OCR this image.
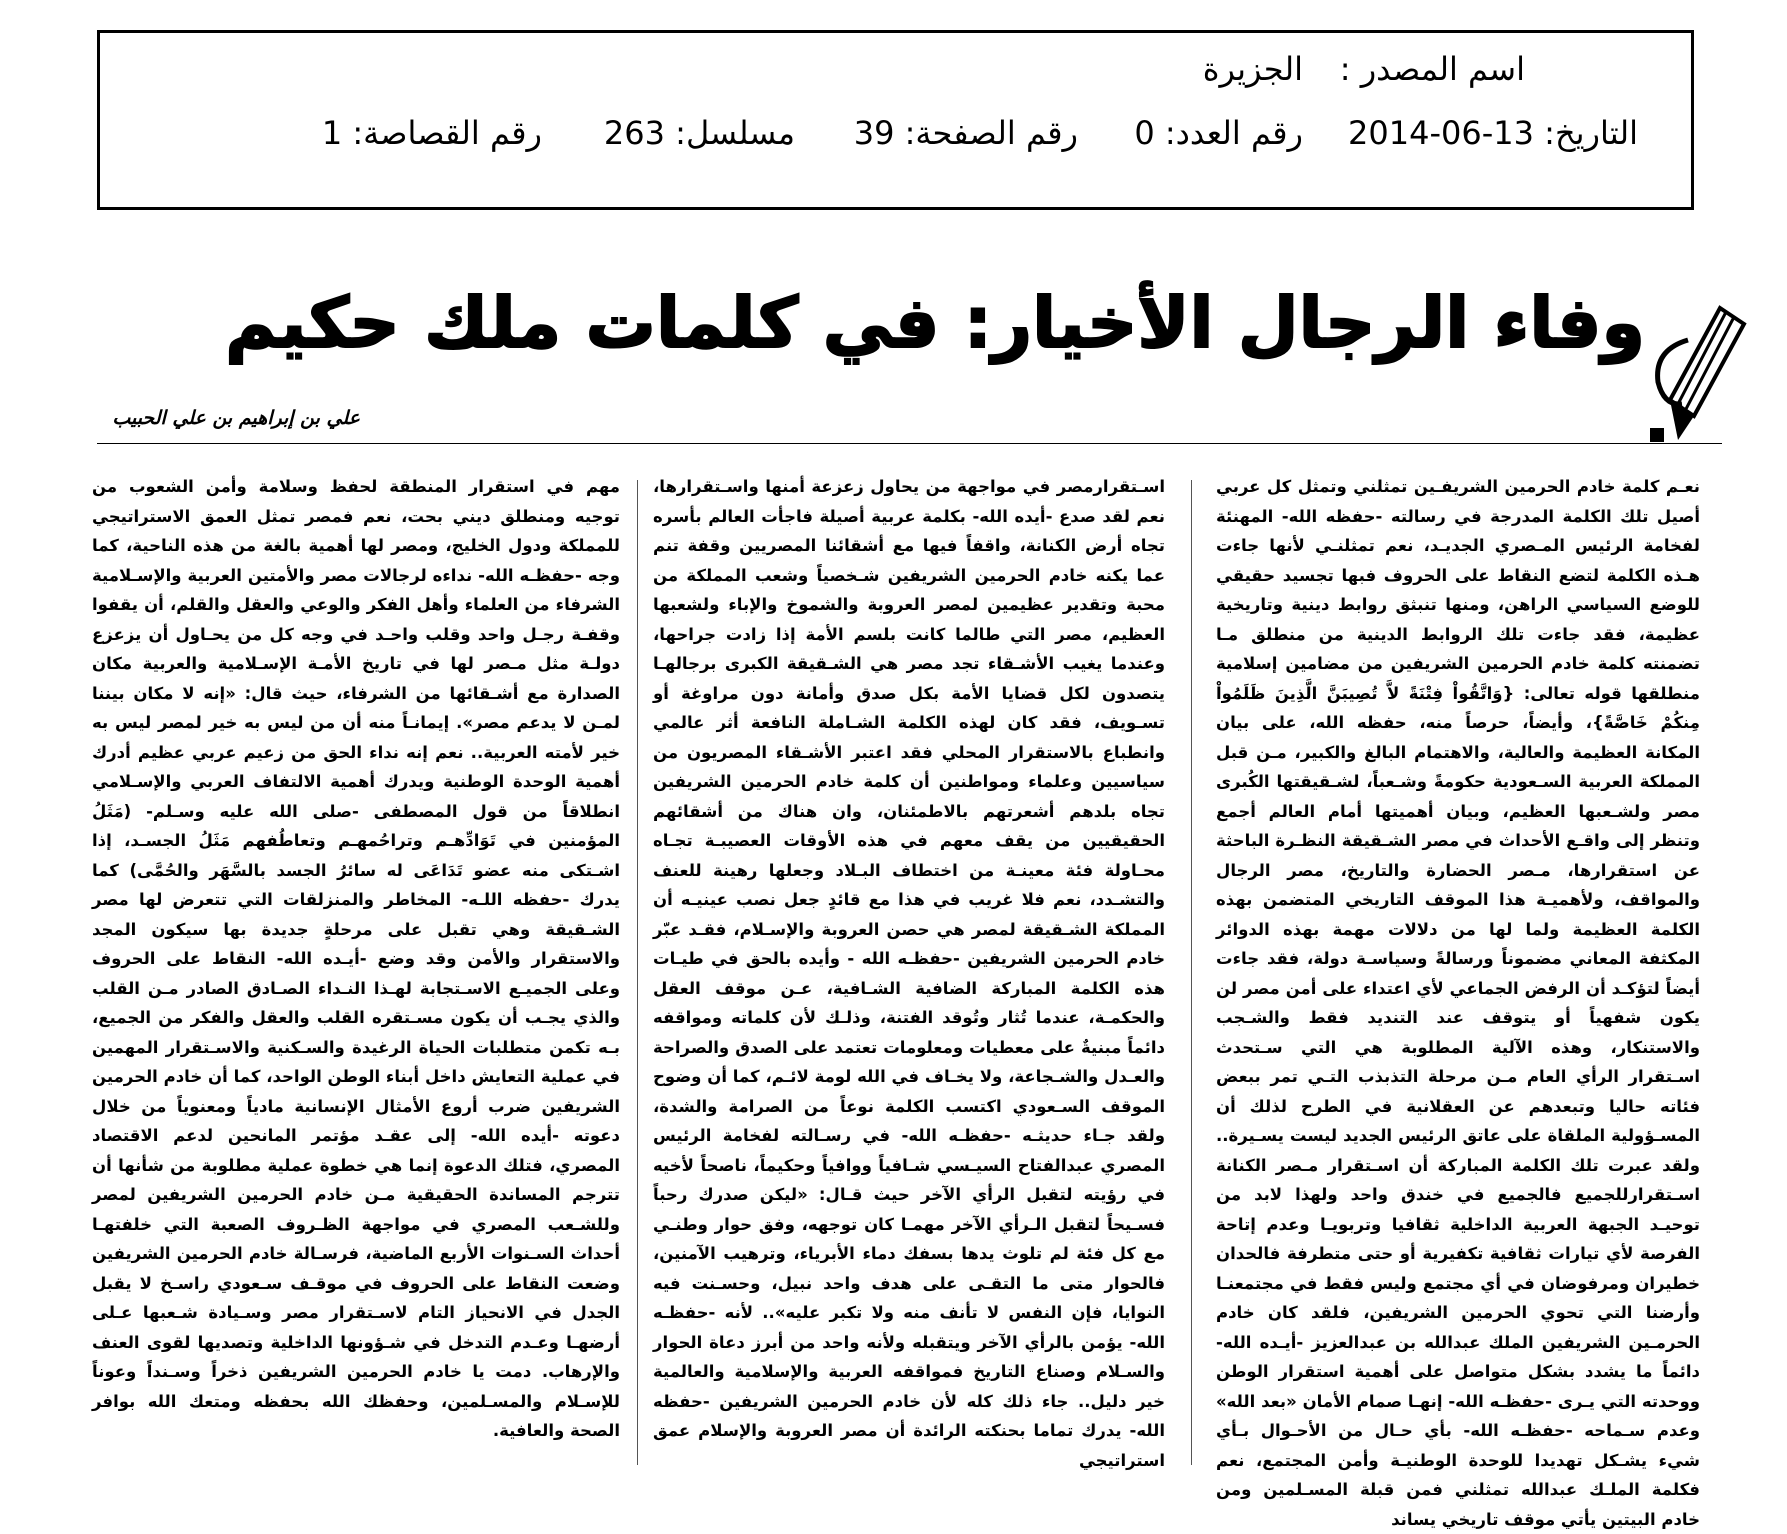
اسم المصدر :
الجزيرة
التاريخ: 13-06-2014
رقم العدد: 0
رقم الصفحة: 39
مسلسل: 263
رقم القصاصة: 1
وفاء الرجال الأخيار: في كلمات ملك حكيم
علي بن إبراهيم بن علي الحبيب
نعـم كلمة خادم الحرمين الشريفـين تمثلني وتمثل كل عربي أصيل تلك الكلمة المدرجة في رسالته -حفظه الله- المهنئة لفخامة الرئيس المـصري الجديـد، نعم تمثلنـي لأنها جاءت هـذه الكلمة لتضع النقاط على الحروف فبها تجسيد حقيقي للوضع السياسي الراهن، ومنها تنبثق روابط دينية وتاريخية عظيمة، فقد جاءت تلك الروابط الدينية من منطلق مـا تضمنته كلمة خادم الحرمين الشريفين من مضامين إسلامية منطلقها قوله تعالى: {وَاتَّقُواْ فِتْنَةً لاَّ تُصِيبَنَّ الَّذِينَ ظَلَمُواْ مِنكُمْ خَاصَّةً}، وأيضاً، حرصاً منه، حفظه الله، على بيان المكانة العظيمة والعالية، والاهتمام البالغ والكبير، مـن قبل المملكة العربية السـعودية حكومةً وشـعباً، لشـقيقتها الكُبرى مصر ولشـعبها العظيم، وبيان أهميتها أمام العالم أجمع وتنظر إلى واقـع الأحداث في مصر الشـقيقة النظـرة الباحثة عن استقرارها، مـصر الحضارة والتاريخ، مصر الرجال والمواقف، ولأهميـة هذا الموقف التاريخي المتضمن بهذه الكلمة العظيمة ولما لها من دلالات مهمة بهذه الدوائر المكثفة المعاني مضموناً ورسالةً وسياسـة دولة، فقد جاءت أيضاً لتؤكـد أن الرفض الجماعي لأي اعتداء على أمن مصر لن يكون شفهياً أو يتوقف عند التنديد فقط والشـجب والاستنكار، وهذه الآلية المطلوبة هي التي سـتحدث اسـتقرار الرأي العام مـن مرحلة التذبذب التـي تمر ببعض فئاته حاليا وتبعدهم عن العقلانية في الطرح لذلك أن المسـؤولية الملقاة على عاتق الرئيس الجديد ليست يسـيرة.. ولقد عبرت تلك الكلمة المباركة أن اسـتقرار مـصر الكنانة اسـتقرارللجميع فالجميع في خندق واحد ولهذا لابد من توحيـد الجبهة العربية الداخلية ثقافيا وتربويـا وعدم إتاحة الفرصة لأي تيارات ثقافية تكفيرية أو حتى متطرفة فالحدان خطيران ومرفوضان في أي مجتمع وليس فقط في مجتمعنـا وأرضنا التي تحوي الحرمين الشريفين، فلقد كان خادم الحرمـين الشريفين الملك عبدالله بن عبدالعزيز -أيـده الله- دائماً ما يشدد بشكل متواصل على أهمية استقرار الوطن ووحدته التي يـرى -حفظـه الله- إنهـا صمام الأمان «بعد الله» وعدم سـماحه -حفظـه الله- بأي حـال من الأحـوال بـأي شيء يشـكل تهديدا للوحدة الوطنيـة وأمن المجتمع، نعم فكلمة الملـك عبدالله تمثلني فمن قبلة المسـلمين ومن خادم البيتين يأتي موقف تاريخي يساند
اسـتقرارمصر في مواجهة من يحاول زعزعة أمنها واسـتقرارها، نعم لقد صدع -أيده الله- بكلمة عربية أصيلة فاجأت العالم بأسره تجاه أرض الكنانة، واقفاً فيها مع أشقائنا المصريين وقفة تنم عما يكنه خادم الحرمين الشريفين شـخصياً وشعب المملكة من محبة وتقدير عظيمين لمصر العروبة والشموخ والإباء ولشعبها العظيم، مصر التي طالما كانت بلسم الأمة إذا زادت جراحها، وعندما يغيب الأشـقاء تجد مصر هي الشـقيقة الكبرى برجالهـا يتصدون لكل قضايا الأمة بكل صدق وأمانة دون مراوغة أو تسـويف، فقد كان لهذه الكلمة الشـاملة النافعة أثر عالمي وانطباع بالاستقرار المحلي فقد اعتبر الأشـقاء المصريون من سياسيين وعلماء ومواطنين أن كلمة خادم الحرمين الشريفين تجاه بلدهم أشعرتهم بالاطمئنان، وان هناك من أشقائهم الحقيقيين من يقف معهم في هذه الأوقات العصيبـة تجـاه محـاولة فئة معينـة من اختطاف البـلاد وجعلها رهينة للعنف والتشـدد، نعم فلا غريب في هذا مع قائدٍ جعل نصب عينيـه أن المملكة الشـقيقة لمصر هي حصن العروبة والإسـلام، فقـد عبّر خادم الحرمين الشريفين -حفظـه الله - وأيده بالحق في طيـات هذه الكلمة المباركة الضافية الشـافية، عـن موقف العقل والحكمـة، عندما تُثار وتُوقد الفتنة، وذلـك لأن كلماته ومواقفه دائماً مبنيةٌ على معطيات ومعلومات تعتمد على الصدق والصراحة والعـدل والشـجاعة، ولا يخـاف في الله لومة لائـم، كما أن وضوح الموقف السـعودي اكتسب الكلمة نوعاً من الصرامة والشدة، ولقد جـاء حديثـه -حفظـه الله- في رسـالته لفخامة الرئيس المصري عبدالفتاح السيـسي شـافياً ووافياً وحكيماً، ناصحاً لأخيه في رؤيته لتقبل الرأي الآخر حيث قـال: «ليكن صدرك رحباً فسـيحاً لتقبل الـرأي الآخر مهمـا كان توجهه، وفق حوار وطنـي مع كل فئة لم تلوث يدها بسفك دماء الأبرياء، وترهيب الآمنين، فالحوار متى ما التقـى على هدف واحد نبيل، وحسـنت فيه النوايا، فإن النفس لا تأنف منه ولا تكبر عليه».. لأنه -حفظـه الله- يؤمن بالرأي الآخر ويتقبله ولأنه واحد من أبرز دعاة الحوار والسـلام وصناع التاريخ فمواقفه العربية والإسلامية والعالمية خير دليل.. جاء ذلك كله لأن خادم الحرمين الشريفين -حفظه الله- يدرك تماما بحنكته الرائدة أن مصر العروبة والإسلام عمق استراتيجي
مهم في استقرار المنطقة لحفظ وسلامة وأمن الشعوب من توجيه ومنطلق ديني بحت، نعم فمصر تمثل العمق الاستراتيجي للمملكة ودول الخليج، ومصر لها أهمية بالغة من هذه الناحية، كما وجه -حفظـه الله- نداءه لرجالات مصر والأمتين العربية والإسـلامية الشرفاء من العلماء وأهل الفكر والوعي والعقل والقلم، أن يقفوا وقفـة رجـل واحد وقلب واحـد في وجه كل من يحـاول أن يزعزع دولـة مثل مـصر لها في تاريخ الأمـة الإسـلامية والعربية مكان الصدارة مع أشـقائها من الشرفاء، حيث قال: «إنه لا مكان بيننا لمـن لا يدعم مصر». إيمانـاً منه أن من ليس به خير لمصر ليس به خير لأمته العربية.. نعم إنه نداء الحق من زعيم عربي عظيم أدرك أهمية الوحدة الوطنية ويدرك أهمية الالتفاف العربي والإسـلامي انطلاقاً من قول المصطفى -صلى الله عليه وسـلم- (مَثَلُ المؤمنين في تَوَادِّهـم وتراحُمهـم وتعاطُفهم مَثَلُ الجسـد، إذا اشـتكى منه عضو تَدَاعَى له سائرُ الجسد بالسَّهَر والحُمَّى) كما يدرك -حفظه اللـه- المخاطر والمنزلقات التي تتعرض لها مصر الشـقيقة وهي تقبل على مرحلةٍ جديدة بها سيكون المجد والاستقرار والأمن وقد وضع -أيـده الله- النقاط على الحروف وعلى الجميـع الاسـتجابة لهـذا النـداء الصـادق الصادر مـن القلب والذي يجـب أن يكون مسـتقره القلب والعقل والفكر من الجميع، بـه تكمن متطلبات الحياة الرغيدة والسـكنية والاسـتقرار المهمين في عملية التعايش داخل أبناء الوطن الواحد، كما أن خادم الحرمين الشريفين ضرب أروع الأمثال الإنسانية مادياً ومعنوياً من خلال دعوته -أيده الله- إلى عقـد مؤتمر المانحين لدعم الاقتصاد المصري، فتلك الدعوة إنما هي خطوة عملية مطلوبة من شأنها أن تترجم المساندة الحقيقية مـن خادم الحرمين الشريفين لمصر وللشـعب المصري في مواجهة الظـروف الصعبة التي خلفتهـا أحداث السـنوات الأربع الماضية، فرسـالة خادم الحرمين الشريفين وضعت النقاط على الحروف في موقـف سـعودي راسـخ لا يقبل الجدل في الانحياز التام لاسـتقرار مصر وسـيادة شـعبها عـلى أرضهـا وعـدم التدخل في شـؤونها الداخلية وتصديها لقوى العنف والإرهاب. دمت يا خادم الحرمين الشريفين ذخراً وسـنداً وعوناً للإسـلام والمسـلمين، وحفظك الله بحفظه ومتعك الله بوافر الصحة والعافية.
